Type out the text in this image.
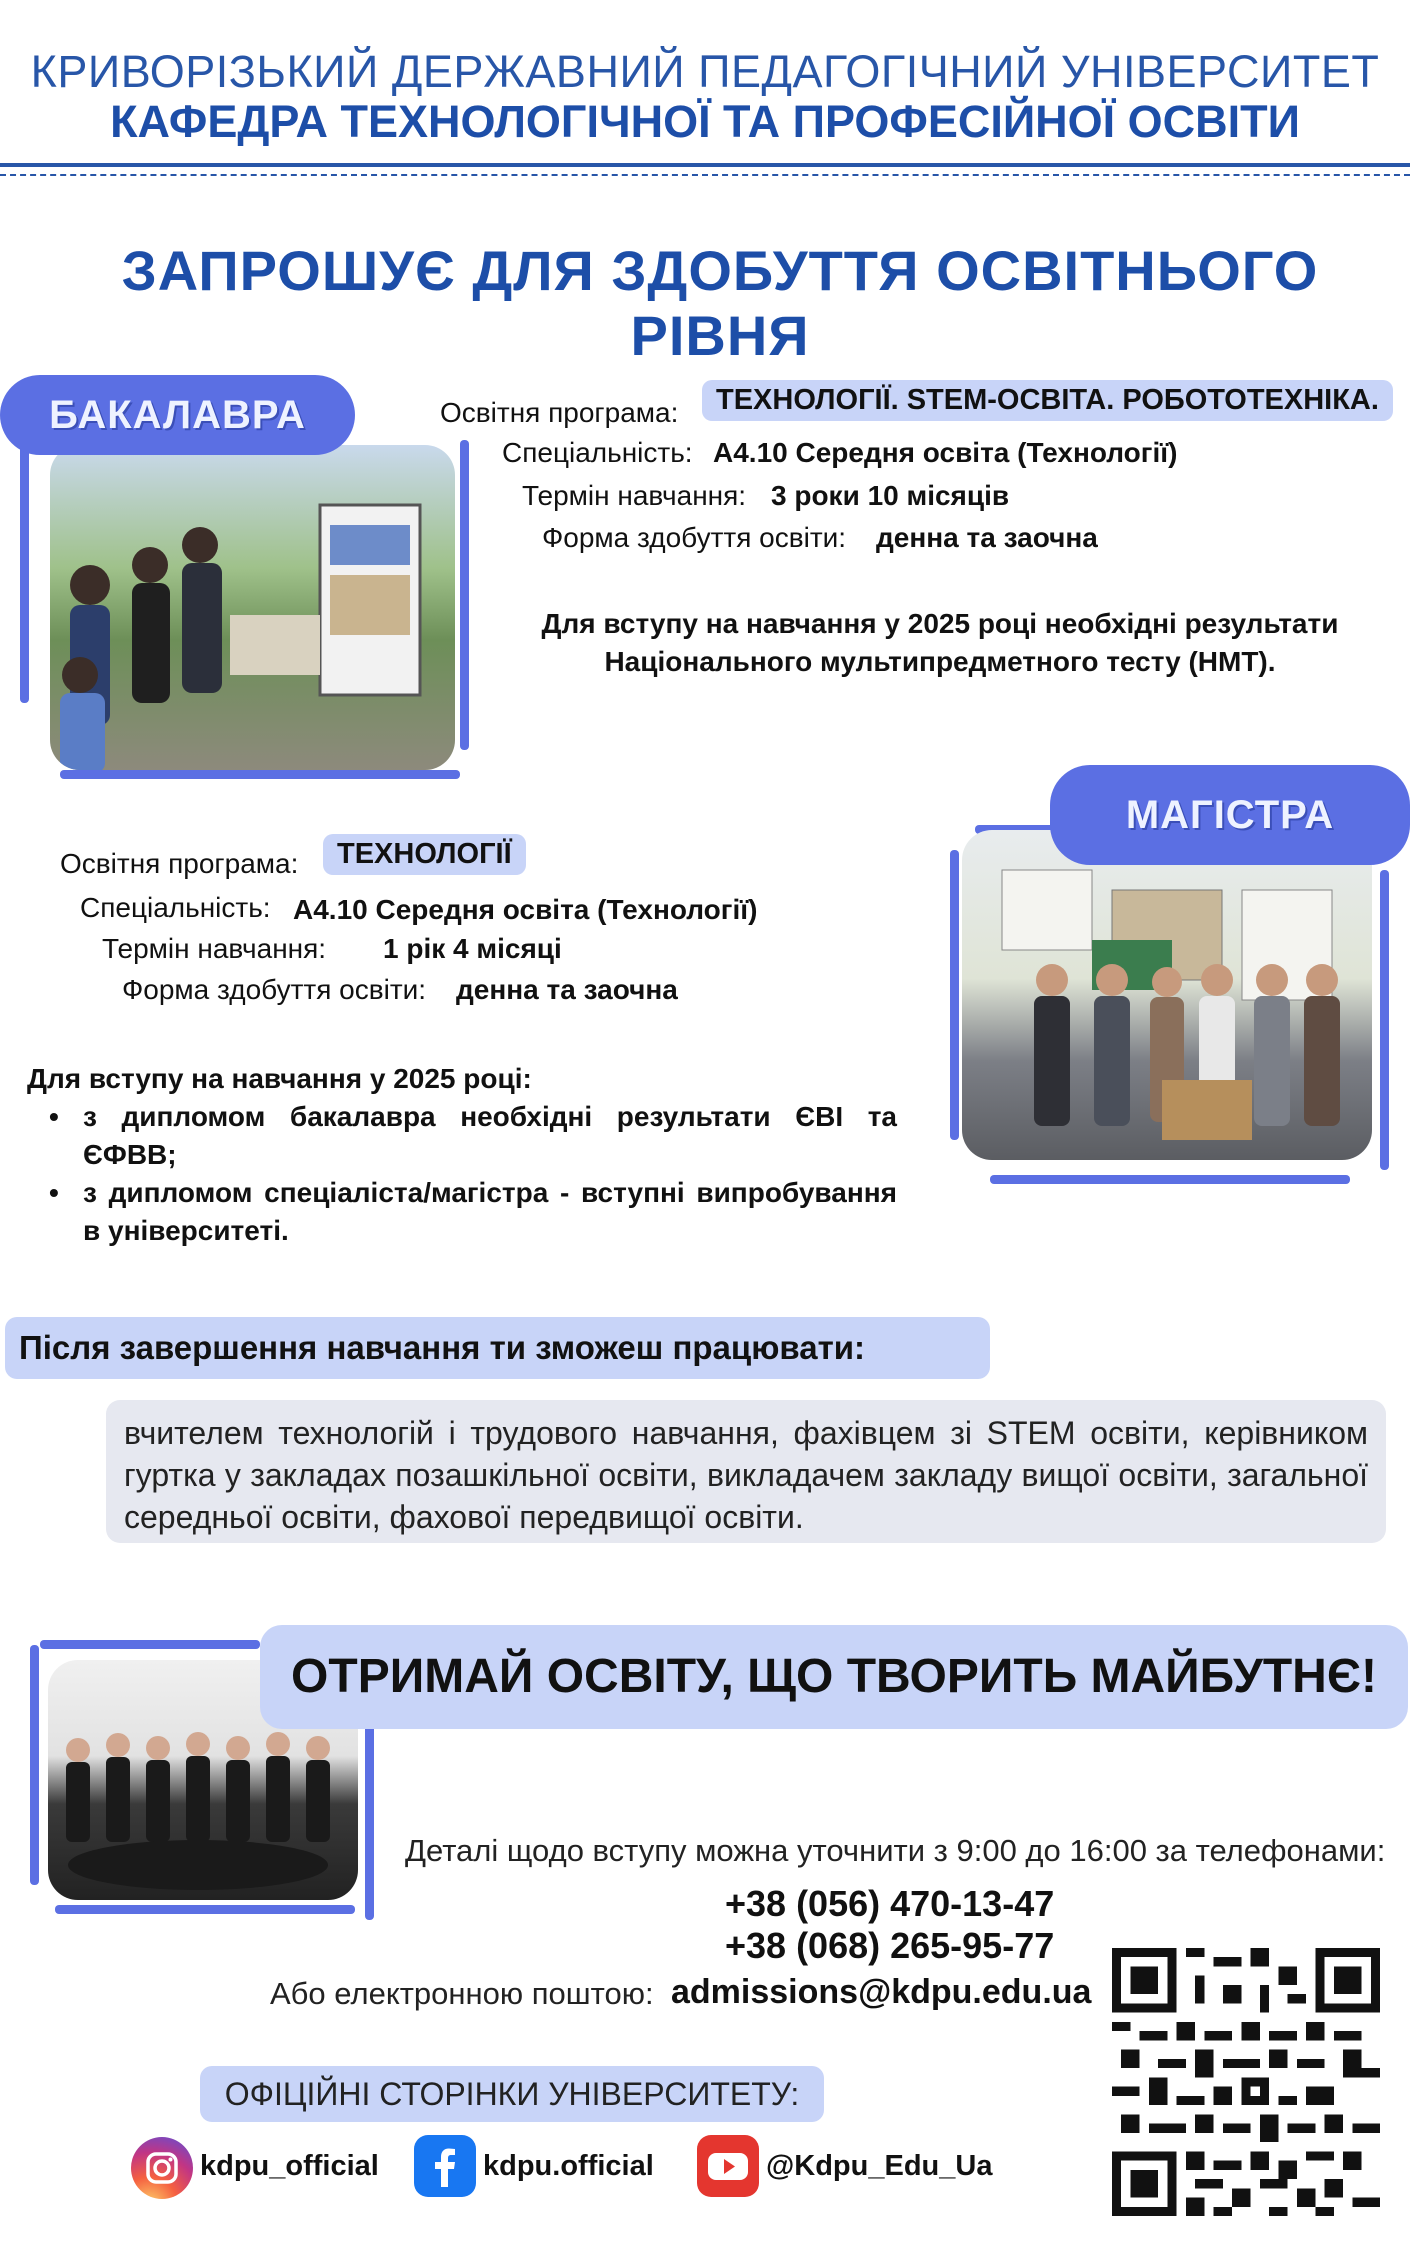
КРИВОРІЗЬКИЙ ДЕРЖАВНИЙ ПЕДАГОГІЧНИЙ УНІВЕРСИТЕТ
КАФЕДРА ТЕХНОЛОГІЧНОЇ ТА ПРОФЕСІЙНОЇ ОСВІТИ
ЗАПРОШУЄ ДЛЯ ЗДОБУТТЯ ОСВІТНЬОГО РІВНЯ
БАКАЛАВРА	Освітня програма:	ТЕХНОЛОГІЇ. STEM-ОСВІТА. РОБОТОТЕХНІКА.
Спеціальність: А4.10 Середня освіта (Технології)
Термін навчання: 3 роки 10 місяців
Форма здобуття освіти: денна та заочна
Для вступу на навчання у 2025 році необхідні результати
Національного мультипредметного тесту (НМТ).
МАГІСТРА
Освітня програма:	ТЕХНОЛОГІЇ
Спеціальність: А4.10 Середня освіта (Технології)
Термін навчання: 1 рік 4 місяці
Форма здобуття освіти: денна та заочна
Для вступу на навчання у 2025 році:
• з дипломом бакалавра необхідні результати ЄВІ та ЄФВВ;
• з дипломом спеціаліста/магістра - вступні випробування в університеті.
Після завершення навчання ти зможеш працювати:
вчителем технологій і трудового навчання, фахівцем зі STEM освіти, керівником гуртка у закладах позашкільної освіти, викладачем закладу вищої освіти, загальної середньої освіти, фахової передвищої освіти.
ОТРИМАЙ ОСВІТУ, ЩО ТВОРИТЬ МАЙБУТНЄ!
Деталі щодо вступу можна уточнити з 9:00 до 16:00 за телефонами:
+38 (056) 470-13-47
+38 (068) 265-95-77
Або електронною поштою: admissions@kdpu.edu.ua
ОФІЦІЙНІ СТОРІНКИ УНІВЕРСИТЕТУ:
kdpu_official	kdpu.official	@Kdpu_Edu_Ua
